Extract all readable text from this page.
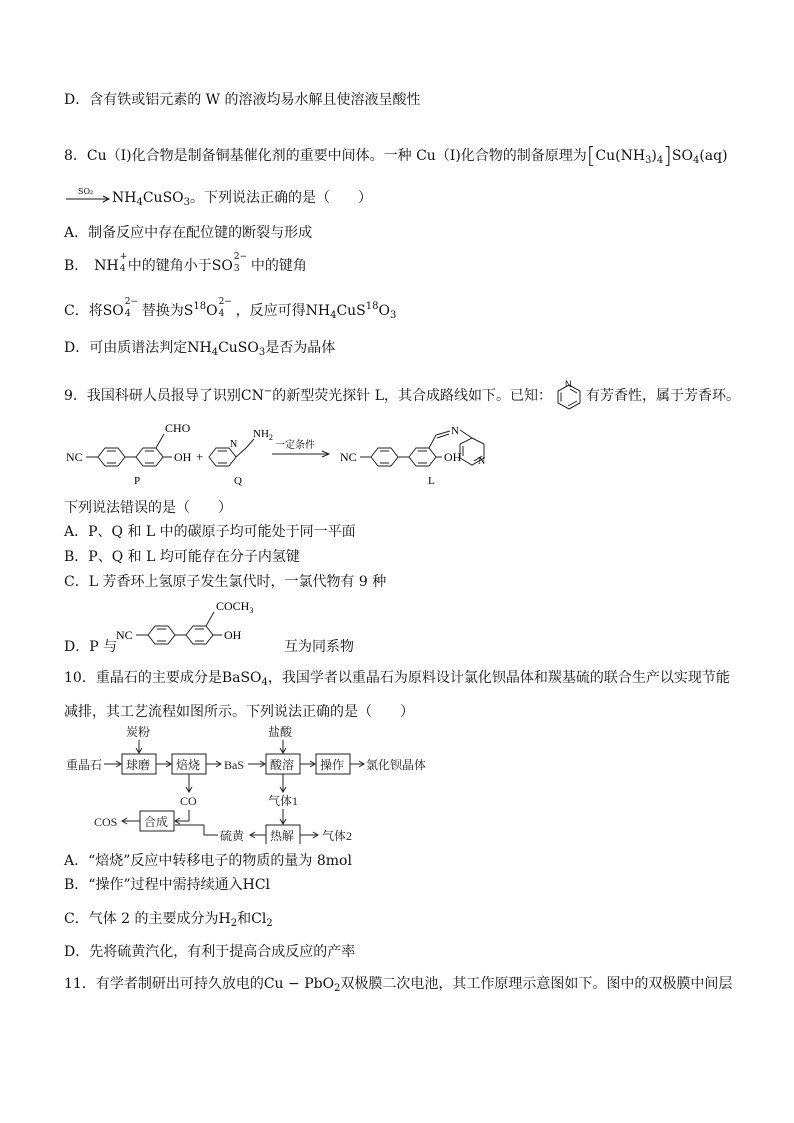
D．含有铁或铝元素的 W 的溶液均易水解且使溶液呈酸性
8．Cu（Ⅰ)化合物是制备铜基催化剂的重要中间体。一种 Cu（Ⅰ)化合物的制备原理为$[Cu(NH_3)_4]SO_4(aq)$
SO₂ $NH_4CuSO_3$。下列说法正确的是（　　）
A．制备反应中存在配位键的断裂与形成
B． NH
+
4 中的键角小于SO
2−
3 中的键角
C．将SO
2−
4 替换为$S^{18}O$
2−
4 ，反应可得$NH_4CuS^{18}O_3$
D．可由质谱法判定$NH_4CuSO_3$是否为晶体
9．我国科研人员报导了识别CN−的新型荧光探针 L，其合成路线如下。已知：
N
有芳香性，属于芳香环。
NC
CHO
OH +
N
$NH_2$
一定条件
NC
N
OH N
P	Q	L
下列说法错误的是（　　）
A．P、Q 和 L 中的碳原子均可能处于同一平面
B．P、Q 和 L 均可能存在分子内氢键
C．L 芳香环上氢原子发生氯代时，一氯代物有 9 种
D．P 与
NC
$COCH_3$
OH
互为同系物
10．重晶石的主要成分是BaSO$_4$，我国学者以重晶石为原料设计氯化钡晶体和羰基硫的联合生产以实现节能
减排，其工艺流程如图所示。下列说法正确的是（　　）
炭粉	盐酸
重晶石 球磨 焙烧 BaS 酸溶 操作 氯化钡晶体
CO	气体1
COS 合成
硫黄 热解 气体2
A．“焙烧”反应中转移电子的物质的量为 8mol
B．“操作”过程中需持续通入HCl
C．气体 2 的主要成分为$H_2$和$Cl_2$
D．先将硫黄汽化，有利于提高合成反应的产率
11．有学者制研出可持久放电的Cu − PbO$_2$双极膜二次电池，其工作原理示意图如下。图中的双极膜中间层
